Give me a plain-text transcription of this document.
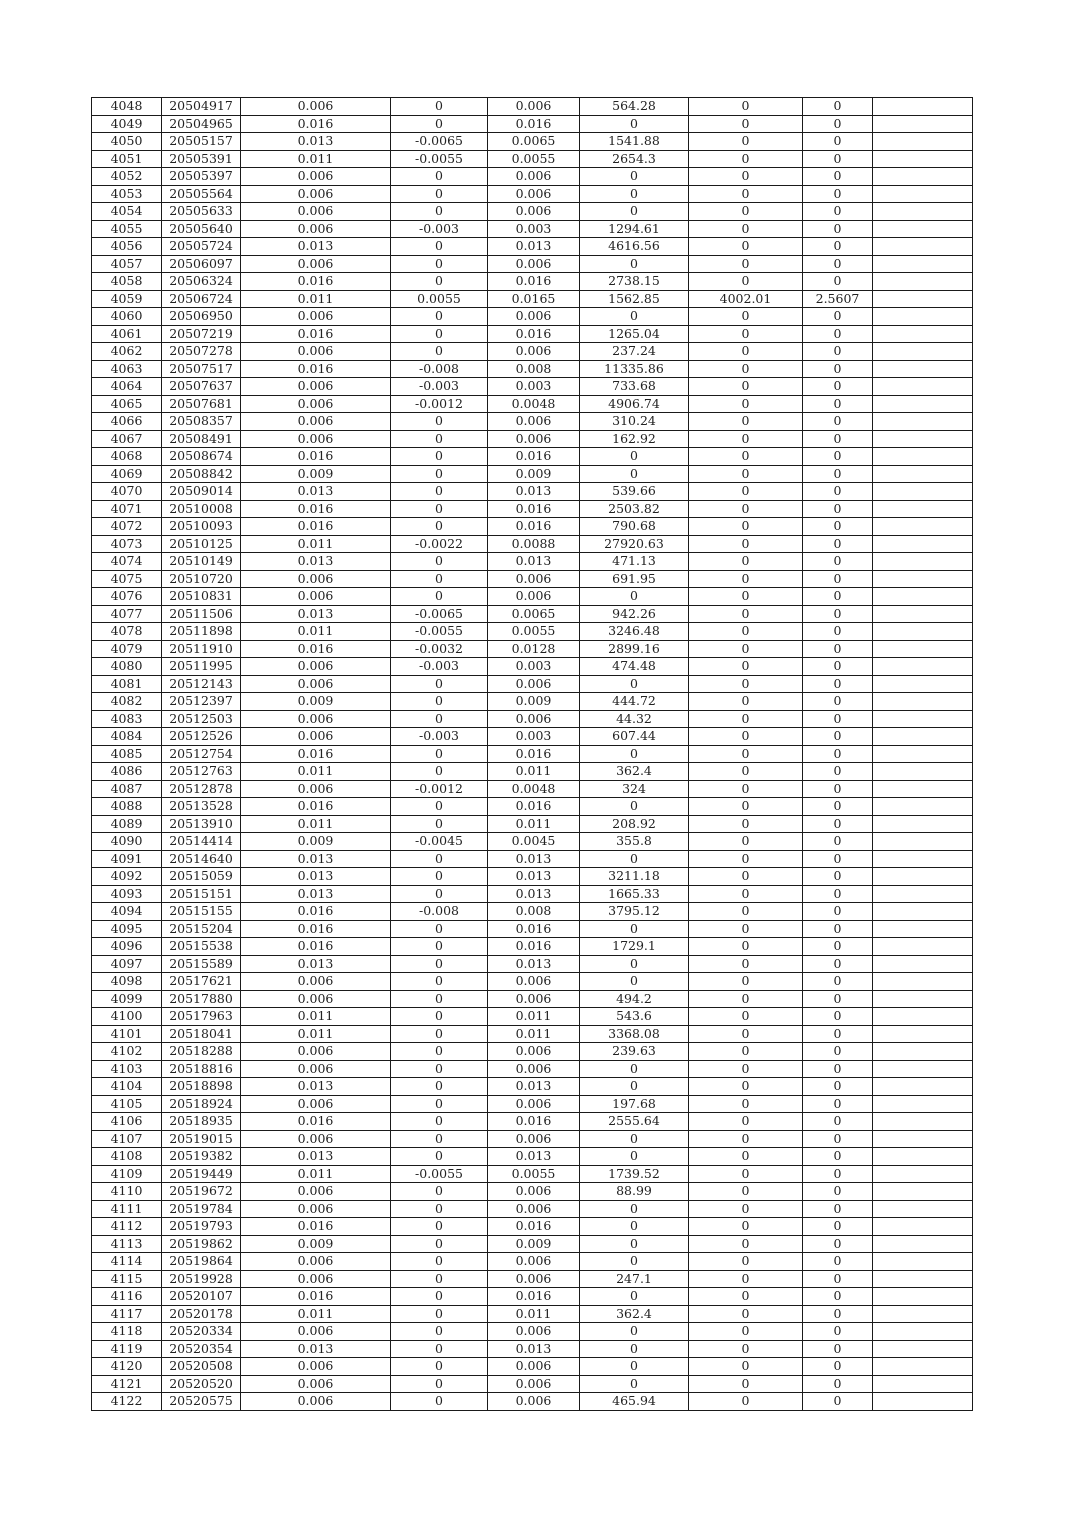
4048	20504917	0.006	0	0.006	564.28	0	0	
4049	20504965	0.016	0	0.016	0	0	0	
4050	20505157	0.013	-0.0065	0.0065	1541.88	0	0	
4051	20505391	0.011	-0.0055	0.0055	2654.3	0	0	
4052	20505397	0.006	0	0.006	0	0	0	
4053	20505564	0.006	0	0.006	0	0	0	
4054	20505633	0.006	0	0.006	0	0	0	
4055	20505640	0.006	-0.003	0.003	1294.61	0	0	
4056	20505724	0.013	0	0.013	4616.56	0	0	
4057	20506097	0.006	0	0.006	0	0	0	
4058	20506324	0.016	0	0.016	2738.15	0	0	
4059	20506724	0.011	0.0055	0.0165	1562.85	4002.01	2.5607	
4060	20506950	0.006	0	0.006	0	0	0	
4061	20507219	0.016	0	0.016	1265.04	0	0	
4062	20507278	0.006	0	0.006	237.24	0	0	
4063	20507517	0.016	-0.008	0.008	11335.86	0	0	
4064	20507637	0.006	-0.003	0.003	733.68	0	0	
4065	20507681	0.006	-0.0012	0.0048	4906.74	0	0	
4066	20508357	0.006	0	0.006	310.24	0	0	
4067	20508491	0.006	0	0.006	162.92	0	0	
4068	20508674	0.016	0	0.016	0	0	0	
4069	20508842	0.009	0	0.009	0	0	0	
4070	20509014	0.013	0	0.013	539.66	0	0	
4071	20510008	0.016	0	0.016	2503.82	0	0	
4072	20510093	0.016	0	0.016	790.68	0	0	
4073	20510125	0.011	-0.0022	0.0088	27920.63	0	0	
4074	20510149	0.013	0	0.013	471.13	0	0	
4075	20510720	0.006	0	0.006	691.95	0	0	
4076	20510831	0.006	0	0.006	0	0	0	
4077	20511506	0.013	-0.0065	0.0065	942.26	0	0	
4078	20511898	0.011	-0.0055	0.0055	3246.48	0	0	
4079	20511910	0.016	-0.0032	0.0128	2899.16	0	0	
4080	20511995	0.006	-0.003	0.003	474.48	0	0	
4081	20512143	0.006	0	0.006	0	0	0	
4082	20512397	0.009	0	0.009	444.72	0	0	
4083	20512503	0.006	0	0.006	44.32	0	0	
4084	20512526	0.006	-0.003	0.003	607.44	0	0	
4085	20512754	0.016	0	0.016	0	0	0	
4086	20512763	0.011	0	0.011	362.4	0	0	
4087	20512878	0.006	-0.0012	0.0048	324	0	0	
4088	20513528	0.016	0	0.016	0	0	0	
4089	20513910	0.011	0	0.011	208.92	0	0	
4090	20514414	0.009	-0.0045	0.0045	355.8	0	0	
4091	20514640	0.013	0	0.013	0	0	0	
4092	20515059	0.013	0	0.013	3211.18	0	0	
4093	20515151	0.013	0	0.013	1665.33	0	0	
4094	20515155	0.016	-0.008	0.008	3795.12	0	0	
4095	20515204	0.016	0	0.016	0	0	0	
4096	20515538	0.016	0	0.016	1729.1	0	0	
4097	20515589	0.013	0	0.013	0	0	0	
4098	20517621	0.006	0	0.006	0	0	0	
4099	20517880	0.006	0	0.006	494.2	0	0	
4100	20517963	0.011	0	0.011	543.6	0	0	
4101	20518041	0.011	0	0.011	3368.08	0	0	
4102	20518288	0.006	0	0.006	239.63	0	0	
4103	20518816	0.006	0	0.006	0	0	0	
4104	20518898	0.013	0	0.013	0	0	0	
4105	20518924	0.006	0	0.006	197.68	0	0	
4106	20518935	0.016	0	0.016	2555.64	0	0	
4107	20519015	0.006	0	0.006	0	0	0	
4108	20519382	0.013	0	0.013	0	0	0	
4109	20519449	0.011	-0.0055	0.0055	1739.52	0	0	
4110	20519672	0.006	0	0.006	88.99	0	0	
4111	20519784	0.006	0	0.006	0	0	0	
4112	20519793	0.016	0	0.016	0	0	0	
4113	20519862	0.009	0	0.009	0	0	0	
4114	20519864	0.006	0	0.006	0	0	0	
4115	20519928	0.006	0	0.006	247.1	0	0	
4116	20520107	0.016	0	0.016	0	0	0	
4117	20520178	0.011	0	0.011	362.4	0	0	
4118	20520334	0.006	0	0.006	0	0	0	
4119	20520354	0.013	0	0.013	0	0	0	
4120	20520508	0.006	0	0.006	0	0	0	
4121	20520520	0.006	0	0.006	0	0	0	
4122	20520575	0.006	0	0.006	465.94	0	0	
